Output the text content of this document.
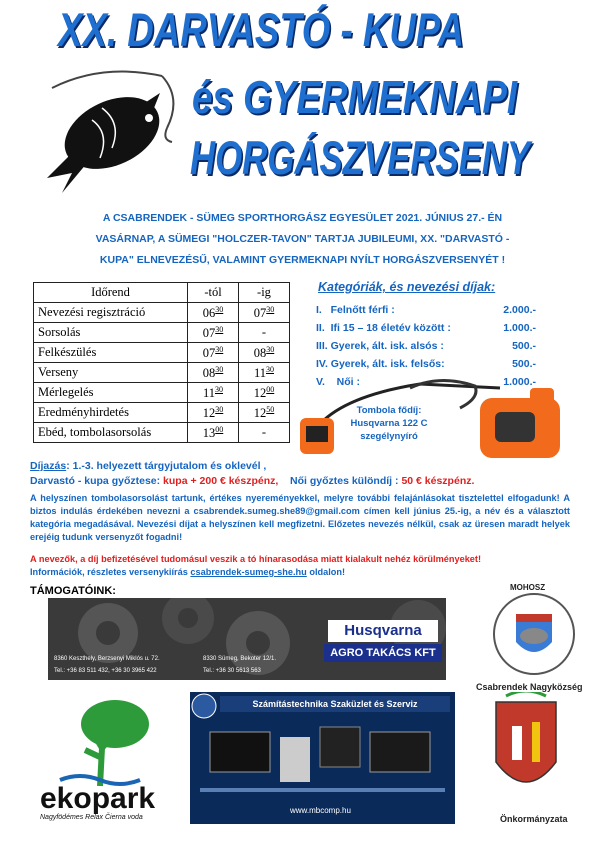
XX. DARVASTÓ - KUPA
és GYERMEKNAPI
HORGÁSZVERSENY
A CSABRENDEK - SÜMEG SPORTHORGÁSZ EGYESÜLET 2021. JÚNIUS 27.- ÉN
VASÁRNAP, A SÜMEGI "HOLCZER-TAVON" TARTJA JUBILEUMI, XX. "DARVASTÓ -
KUPA" ELNEVEZÉSŰ, VALAMINT GYERMEKNAPI NYÍLT HORGÁSZVERSENYÉT !
Időrend	-tól	-ig
Nevezési regisztráció	$06^{30}$	$07^{30}$
Sorsolás	$07^{30}$	-
Felkészülés	$07^{30}$	$08^{30}$
Verseny	$08^{30}$	$11^{30}$
Mérlegelés	$11^{30}$	$12^{00}$
Eredményhirdetés	$12^{30}$	$12^{50}$
Ebéd, tombolasorsolás	$13^{00}$	-
Kategóriák, és nevezési díjak:
I. Felnőtt férfi :	2.000.-
II. Ifi 15 – 18 életév között :	1.000.-
III. Gyerek, ált. isk. alsós :	500.-
IV. Gyerek, ált. isk. felsős:	500.-
V. Női :	1.000.-
Tombola fődíj:
Husqvarna 122 C
szegélynyíró
Díjazás: 1.-3. helyezett tárgyjutalom és oklevél ,
Darvastó - kupa győztese: kupa + 200 € készpénz, Női győztes különdíj : 50 € készpénz.
A helyszínen tombolasorsolást tartunk, értékes nyereményekkel, melyre további felajánlásokat tisztelettel elfogadunk! A biztos indulás érdekében nevezni a csabrendek.sumeg.she89@gmail.com címen kell június 25.-ig, a név és a választott kategória megadásával. Nevezési díjat a helyszínen kell megfizetni. Előzetes nevezés nélkül, csak az üresen maradt helyek erejéig tudunk versenyzőt fogadni!
A nevezők, a díj befizetésével tudomásul veszik a tó hínarasodása miatt kialakult nehéz körülményeket!
Információk, részletes versenykiírás csabrendek-sumeg-she.hu oldalon!
TÁMOGATÓINK:
Husqvarna
AGRO TAKÁCS KFT
8360 Keszthely, Berzsenyi Miklós u. 72.
Tel.: +36 83 511 432, +36 30 3965 422
8330 Sümeg, Bekoter 12/1.
Tel.: +36 30 5613 563
MOHOSZ
Számítástechnika Szaküzlet és Szerviz
www.mbcomp.hu
ekopark
Nagyfödémes Relax Čierna voda
Csabrendek Nagyközség
Önkormányzata
